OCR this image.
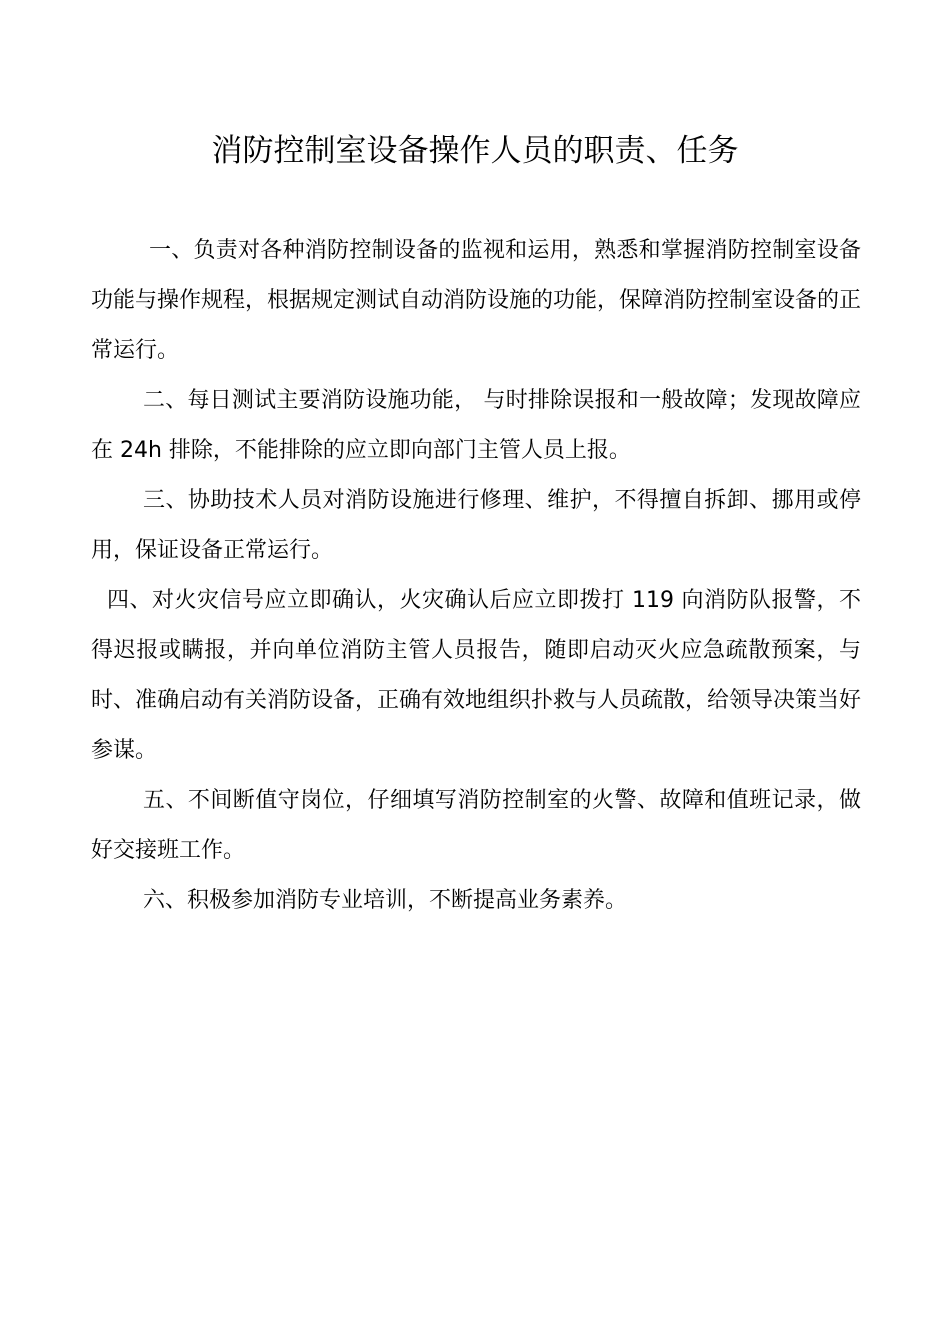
消防控制室设备操作人员的职责、任务

一、负责对各种消防控制设备的监视和运用，熟悉和掌握消防控制室设备功能与操作规程，根据规定测试自动消防设施的功能，保障消防控制室设备的正常运行。

二、每日测试主要消防设施功能， 与时排除误报和一般故障；发现故障应在 24h 排除，不能排除的应立即向部门主管人员上报。

三、协助技术人员对消防设施进行修理、维护，不得擅自拆卸、挪用或停用，保证设备正常运行。

四、对火灾信号应立即确认，火灾确认后应立即拨打 119 向消防队报警，不得迟报或瞒报，并向单位消防主管人员报告，随即启动灭火应急疏散预案，与时、准确启动有关消防设备，正确有效地组织扑救与人员疏散，给领导决策当好参谋。

五、不间断值守岗位，仔细填写消防控制室的火警、故障和值班记录，做好交接班工作。

六、积极参加消防专业培训，不断提高业务素养。
